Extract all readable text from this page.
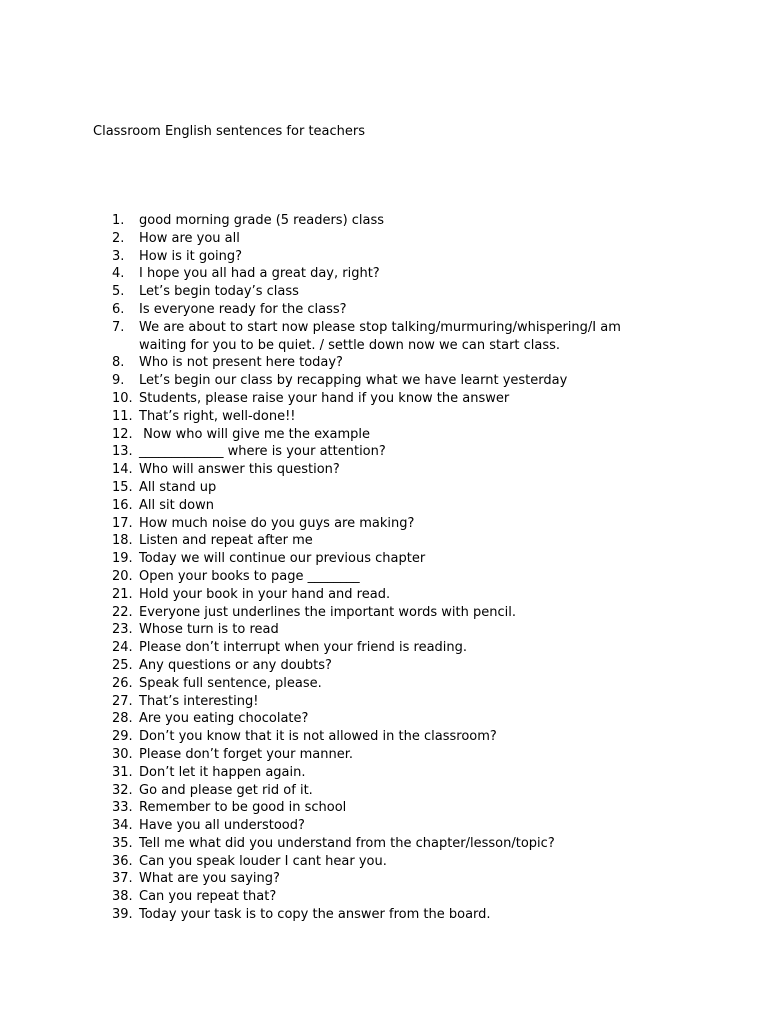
Classroom English sentences for teachers
1.	good morning grade (5 readers) class
2.	How are you all
3.	How is it going?
4.	I hope you all had a great day, right?
5.	Let’s begin today’s class
6.	Is everyone ready for the class?
7.	We are about to start now please stop talking/murmuring/whispering/I am waiting for you to be quiet. / settle down now we can start class.
8.	Who is not present here today?
9.	Let’s begin our class by recapping what we have learnt yesterday
10. Students, please raise your hand if you know the answer
11. That’s right, well-done!!
12. Now who will give me the example
13. _____________ where is your attention?
14. Who will answer this question?
15. All stand up
16. All sit down
17. How much noise do you guys are making?
18. Listen and repeat after me
19. Today we will continue our previous chapter
20. Open your books to page ________
21. Hold your book in your hand and read.
22. Everyone just underlines the important words with pencil.
23. Whose turn is to read
24. Please don’t interrupt when your friend is reading.
25. Any questions or any doubts?
26. Speak full sentence, please.
27. That’s interesting!
28. Are you eating chocolate?
29. Don’t you know that it is not allowed in the classroom?
30. Please don’t forget your manner.
31. Don’t let it happen again.
32. Go and please get rid of it.
33. Remember to be good in school
34. Have you all understood?
35. Tell me what did you understand from the chapter/lesson/topic?
36. Can you speak louder I cant hear you.
37. What are you saying?
38. Can you repeat that?
39. Today your task is to copy the answer from the board.
